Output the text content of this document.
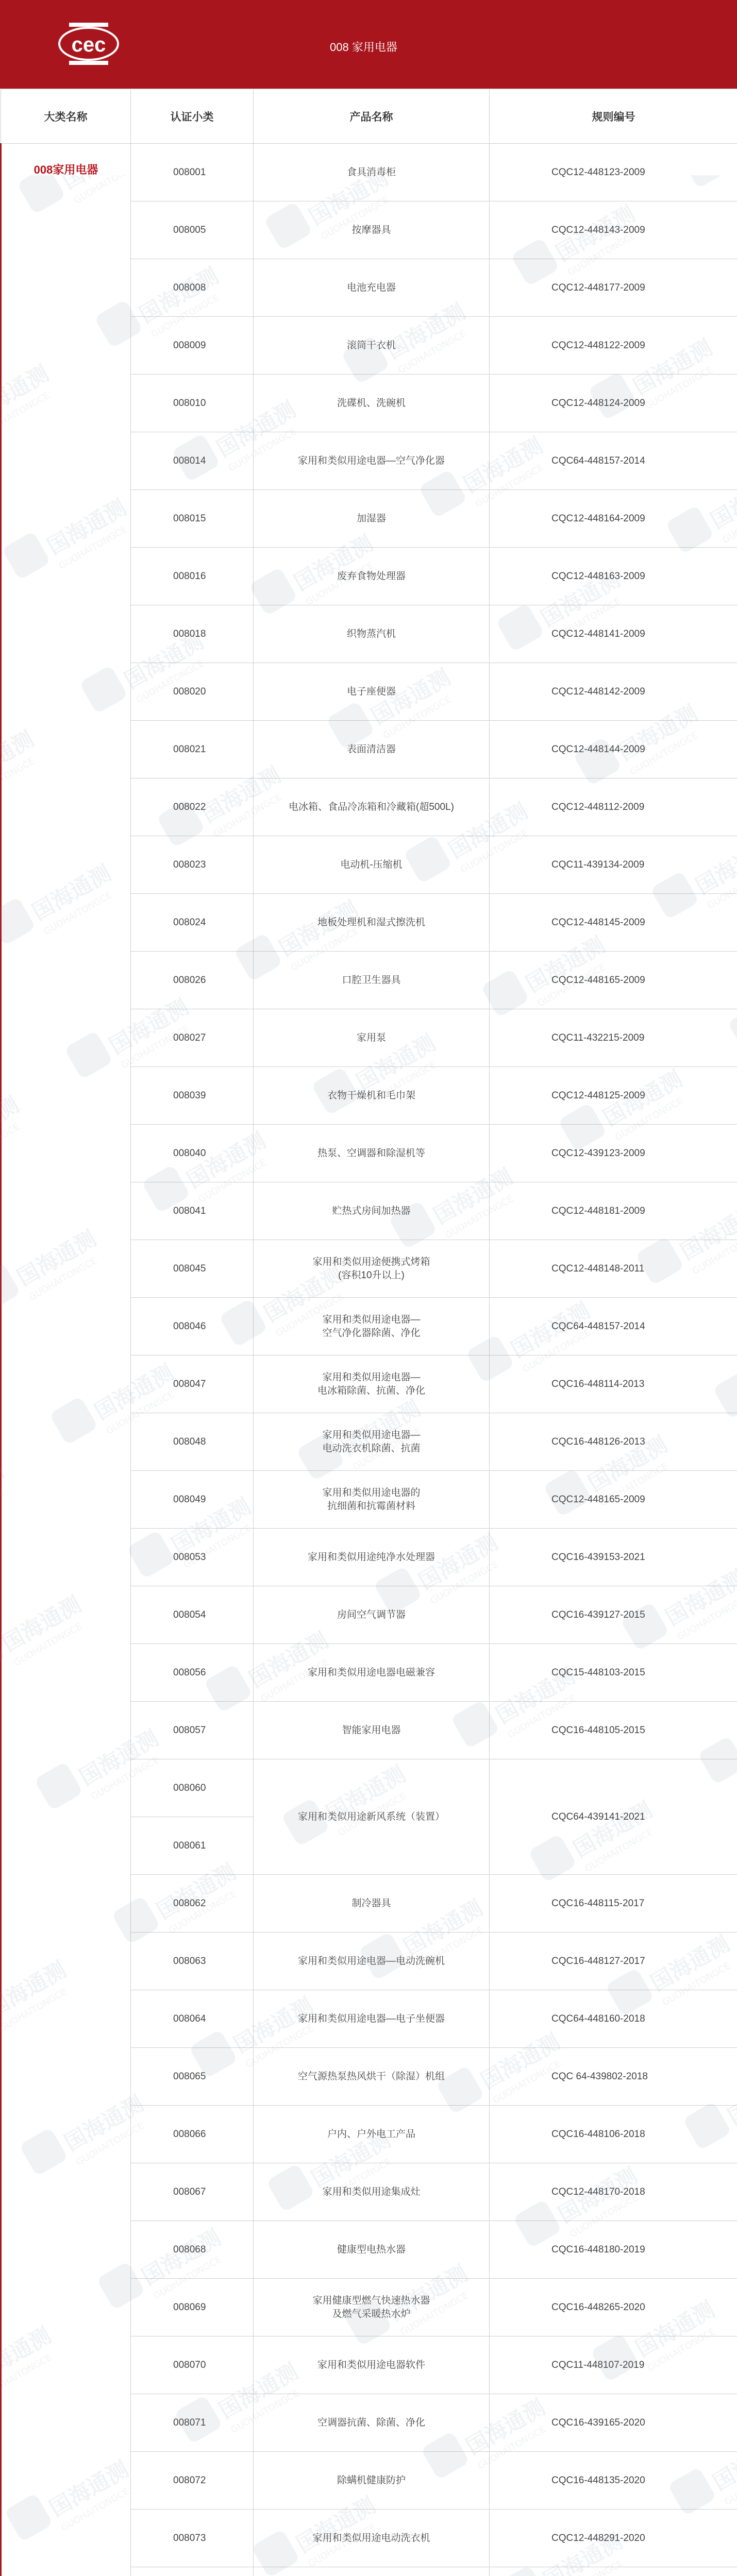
cec	008 家用电器
大类名称	认证小类	产品名称	规则编号
008家用电器	008001	食具消毒柜	CQC12-448123-2009
	008005	按摩器具	CQC12-448143-2009
	008008	电池充电器	CQC12-448177-2009
	008009	滚筒干衣机	CQC12-448122-2009
	008010	洗碟机、洗碗机	CQC12-448124-2009
	008014	家用和类似用途电器—空气净化器	CQC64-448157-2014
	008015	加湿器	CQC12-448164-2009
	008016	废弃食物处理器	CQC12-448163-2009
	008018	织物蒸汽机	CQC12-448141-2009
	008020	电子座便器	CQC12-448142-2009
	008021	表面清洁器	CQC12-448144-2009
	008022	电冰箱、食品冷冻箱和冷藏箱(超500L)	CQC12-448112-2009
	008023	电动机-压缩机	CQC11-439134-2009
	008024	地板处理机和湿式擦洗机	CQC12-448145-2009
	008026	口腔卫生器具	CQC12-448165-2009
	008027	家用泵	CQC11-432215-2009
	008039	衣物干燥机和毛巾架	CQC12-448125-2009
	008040	热泵、空调器和除湿机等	CQC12-439123-2009
	008041	贮热式房间加热器	CQC12-448181-2009
	008045	家用和类似用途便携式烤箱
(容积10升以上)	CQC12-448148-2011
	008046	家用和类似用途电器—
空气净化器除菌、净化	CQC64-448157-2014
	008047	家用和类似用途电器—
电冰箱除菌、抗菌、净化	CQC16-448114-2013
	008048	家用和类似用途电器—
电动洗衣机除菌、抗菌	CQC16-448126-2013
	008049	家用和类似用途电器的
抗细菌和抗霉菌材料	CQC12-448165-2009
	008053	家用和类似用途纯净水处理器	CQC16-439153-2021
	008054	房间空气调节器	CQC16-439127-2015
	008056	家用和类似用途电器电磁兼容	CQC15-448103-2015
	008057	智能家用电器	CQC16-448105-2015
	008060	家用和类似用途新风系统（装置）	CQC64-439141-2021
	008061		
	008062	制冷器具	CQC16-448115-2017
	008063	家用和类似用途电器—电动洗碗机	CQC16-448127-2017
	008064	家用和类似用途电器—电子坐便器	CQC64-448160-2018
	008065	空气源热泵热风烘干（除湿）机组	CQC 64-439802-2018
	008066	户内、户外电工产品	CQC16-448106-2018
	008067	家用和类似用途集成灶	CQC12-448170-2018
	008068	健康型电热水器	CQC16-448180-2019
	008069	家用健康型燃气快速热水器
及燃气采暖热水炉	CQC16-448265-2020
	008070	家用和类似用途电器软件	CQC11-448107-2019
	008071	空调器抗菌、除菌、净化	CQC16-439165-2020
	008072	除螨机健康防护	CQC16-448135-2020
	008073	家用和类似用途电动洗衣机	CQC12-448291-2020
